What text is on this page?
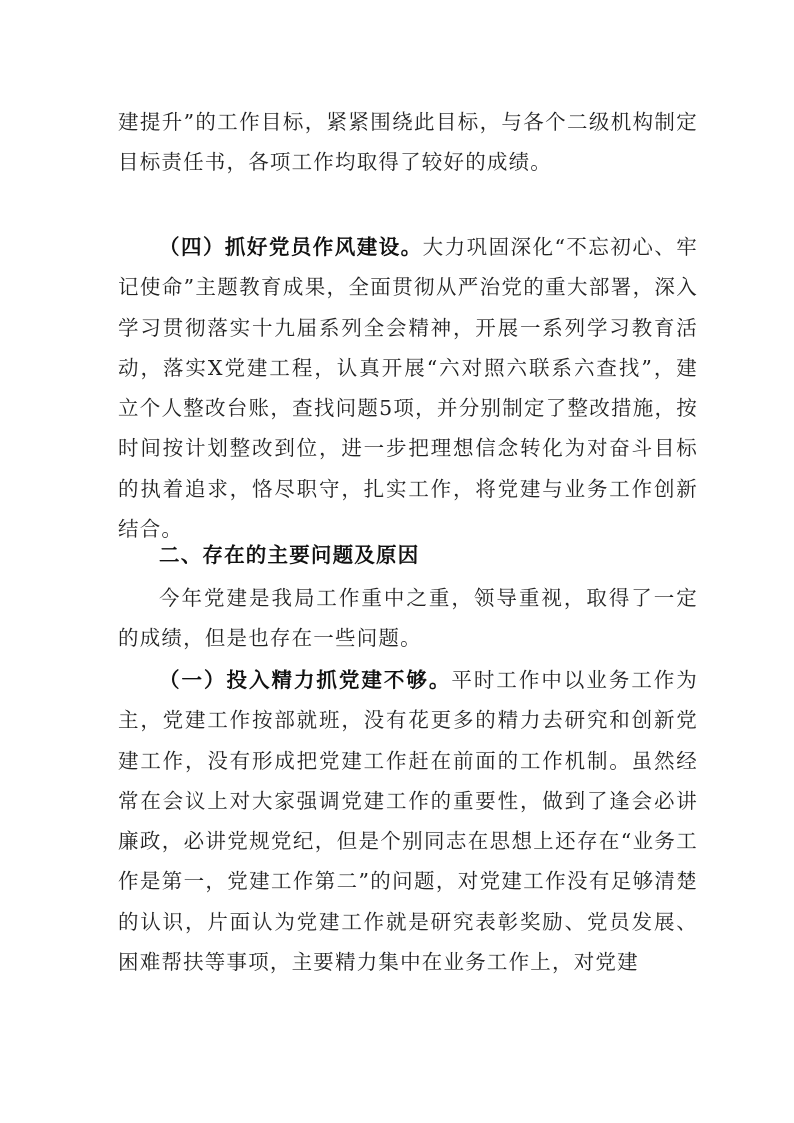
建提升”的工作目标，紧紧围绕此目标，与各个二级机构制定目标责任书，各项工作均取得了较好的成绩。
（四）抓好党员作风建设。大力巩固深化“不忘初心、牢记使命”主题教育成果，全面贯彻从严治党的重大部署，深入学习贯彻落实十九届系列全会精神，开展一系列学习教育活动，落实X党建工程，认真开展“六对照六联系六查找”，建立个人整改台账，查找问题5项，并分别制定了整改措施，按时间按计划整改到位，进一步把理想信念转化为对奋斗目标的执着追求，恪尽职守，扎实工作，将党建与业务工作创新结合。
二、存在的主要问题及原因
今年党建是我局工作重中之重，领导重视，取得了一定的成绩，但是也存在一些问题。
（一）投入精力抓党建不够。平时工作中以业务工作为主，党建工作按部就班，没有花更多的精力去研究和创新党建工作，没有形成把党建工作赶在前面的工作机制。虽然经常在会议上对大家强调党建工作的重要性，做到了逢会必讲廉政，必讲党规党纪，但是个别同志在思想上还存在“业务工作是第一，党建工作第二”的问题，对党建工作没有足够清楚的认识，片面认为党建工作就是研究表彰奖励、党员发展、困难帮扶等事项，主要精力集中在业务工作上，对党建
